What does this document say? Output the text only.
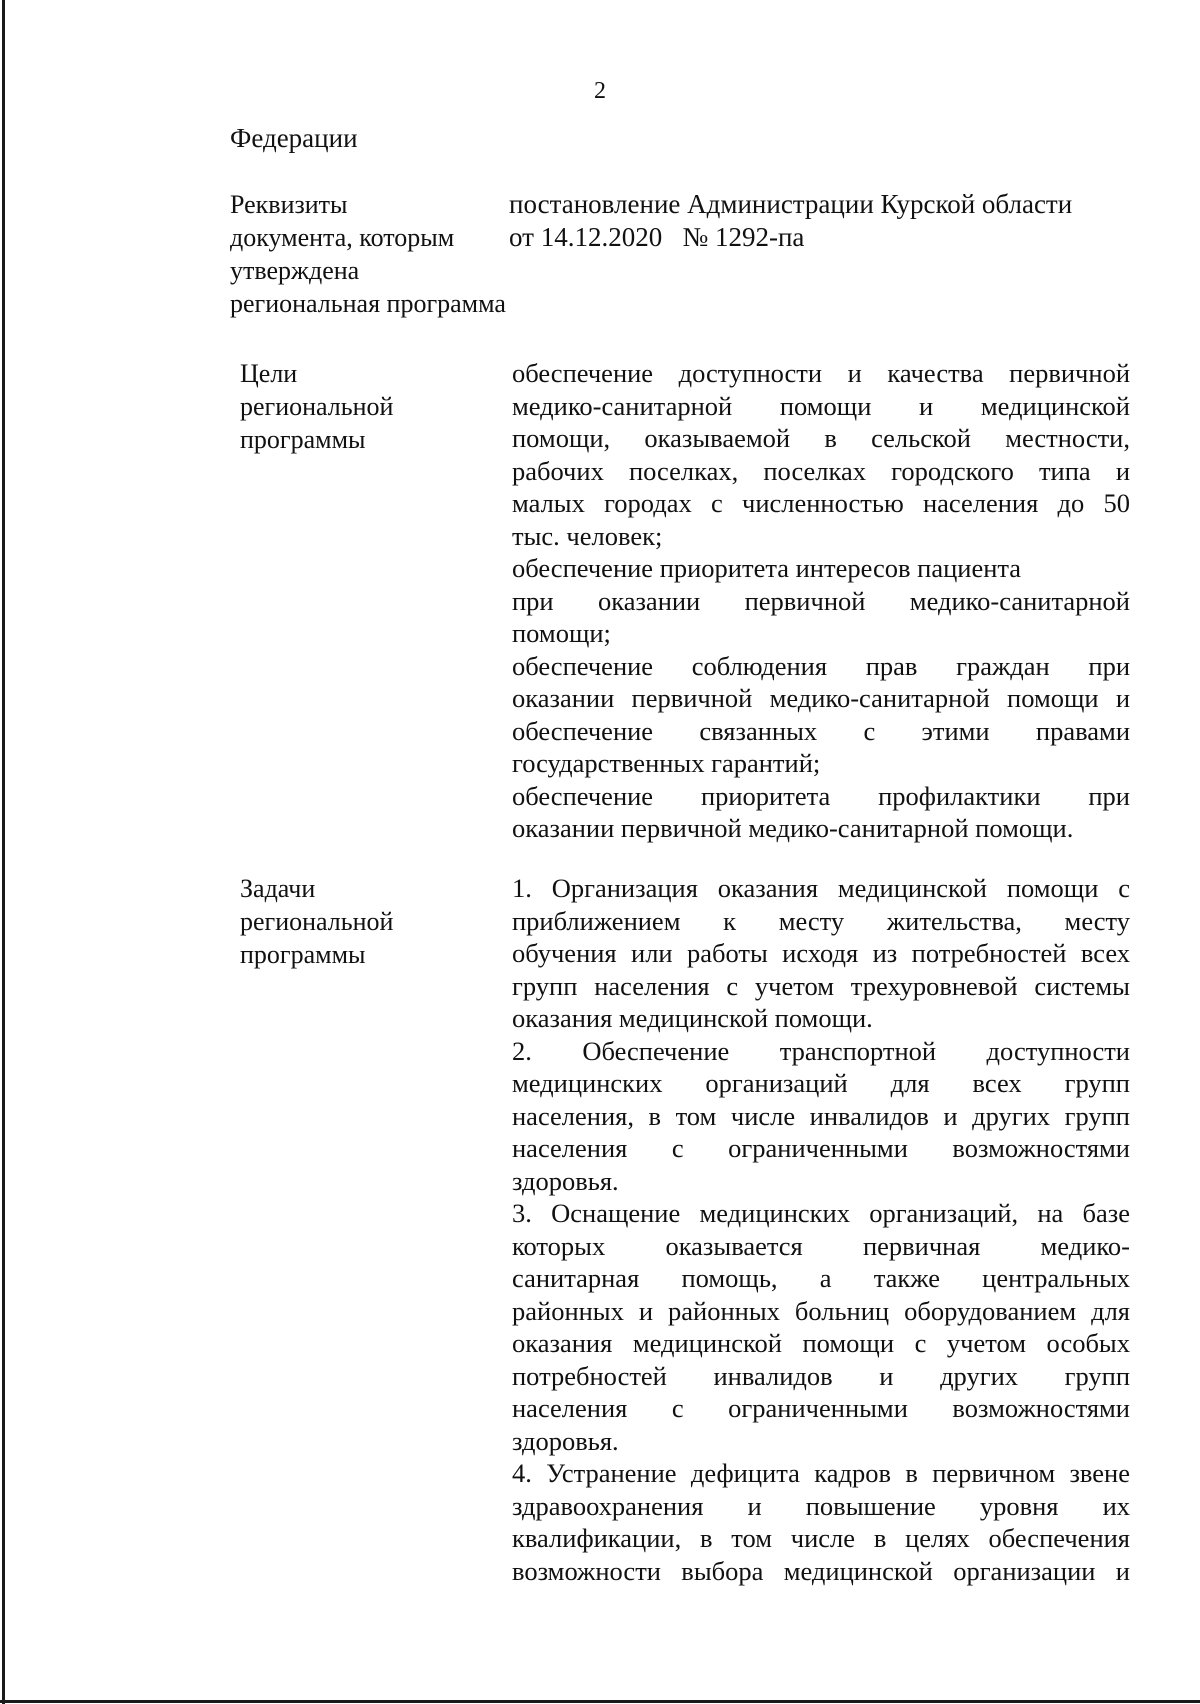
2
Федерации
Реквизиты
документа, которым
утверждена
региональная программа
постановление Администрации Курской области
от 14.12.2020   № 1292-па
Цели
региональной
программы
обеспечение доступности и качества первичной
медико-санитарной помощи и медицинской
помощи, оказываемой в сельской местности,
рабочих поселках, поселках городского типа и
малых городах с численностью населения до 50
тыс. человек;
обеспечение приоритета интересов пациента
при оказании первичной медико-санитарной
помощи;
обеспечение соблюдения прав граждан при
оказании первичной медико-санитарной помощи и
обеспечение связанных с этими правами
государственных гарантий;
обеспечение приоритета профилактики при
оказании первичной медико-санитарной помощи.
Задачи
региональной
программы
1. Организация оказания медицинской помощи с
приближением к месту жительства, месту
обучения или работы исходя из потребностей всех
групп населения с учетом трехуровневой системы
оказания медицинской помощи.
2. Обеспечение транспортной доступности
медицинских организаций для всех групп
населения, в том числе инвалидов и других групп
населения с ограниченными возможностями
здоровья.
3. Оснащение медицинских организаций, на базе
которых оказывается первичная медико-
санитарная помощь, а также центральных
районных и районных больниц оборудованием для
оказания медицинской помощи с учетом особых
потребностей инвалидов и других групп
населения с ограниченными возможностями
здоровья.
4. Устранение дефицита кадров в первичном звене
здравоохранения и повышение уровня их
квалификации, в том числе в целях обеспечения
возможности выбора медицинской организации и
